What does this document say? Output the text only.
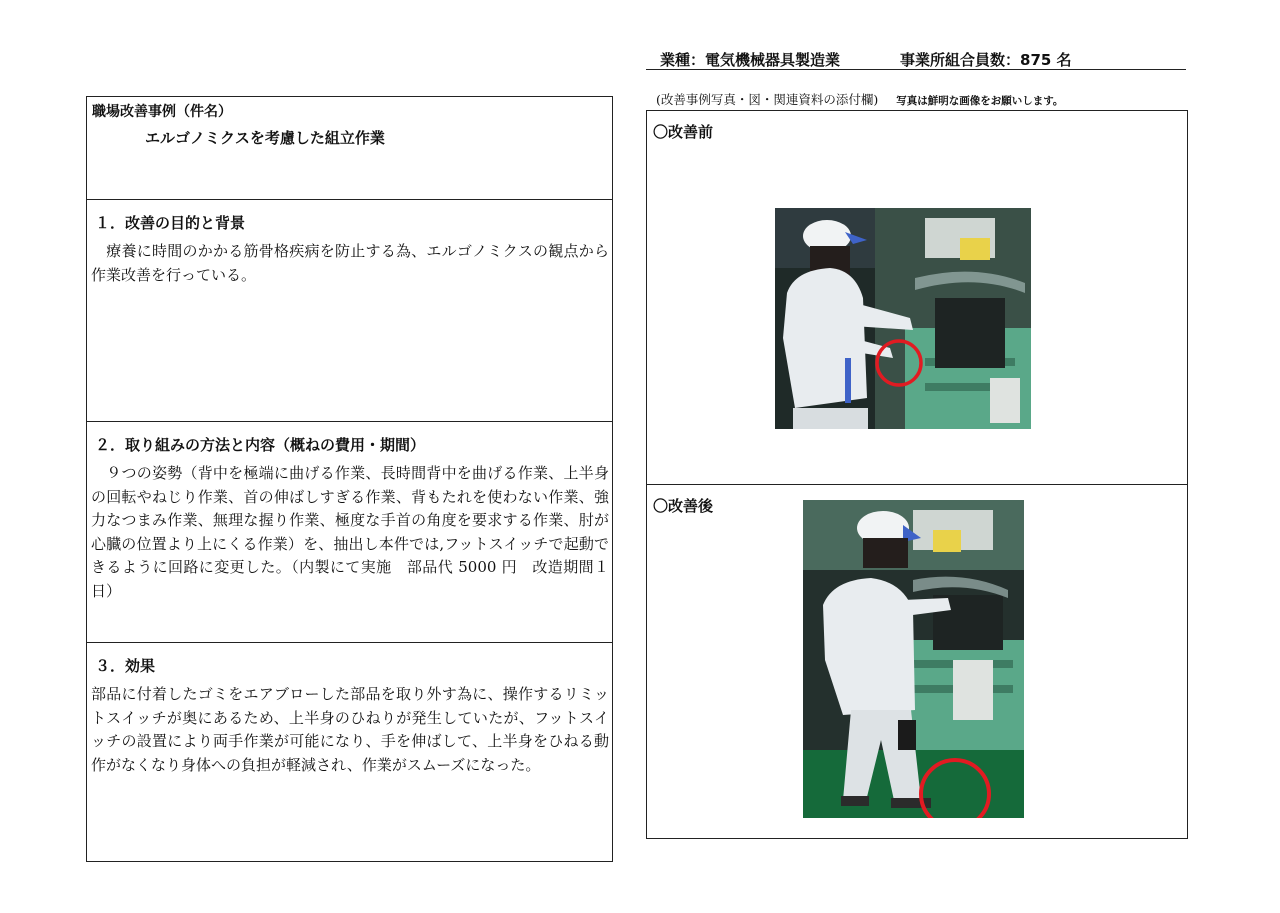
業種：電気機械器具製造業	事業所組合員数：875 名
職場改善事例（件名）
エルゴノミクスを考慮した組立作業
１．改善の目的と背景
　療養に時間のかかる筋骨格疾病を防止する為、エルゴノミクスの観点から作業改善を行っている。
２．取り組みの方法と内容（概ねの費用・期間）
　９つの姿勢（背中を極端に曲げる作業、長時間背中を曲げる作業、上半身の回転やねじり作業、首の伸ばしすぎる作業、背もたれを使わない作業、強力なつまみ作業、無理な握り作業、極度な手首の角度を要求する作業、肘が心臓の位置より上にくる作業）を、抽出し本件では,フットスイッチで起動できるように回路に変更した。（内製にて実施　部品代 5000 円　改造期間１日）
３．効果
部品に付着したゴミをエアブローした部品を取り外す為に、操作するリミットスイッチが奥にあるため、上半身のひねりが発生していたが、フットスイッチの設置により両手作業が可能になり、手を伸ばして、上半身をひねる動作がなくなり身体への負担が軽減され、作業がスムーズになった。
(改善事例写真・図・関連資料の添付欄) 写真は鮮明な画像をお願いします。
〇改善前
〇改善後
